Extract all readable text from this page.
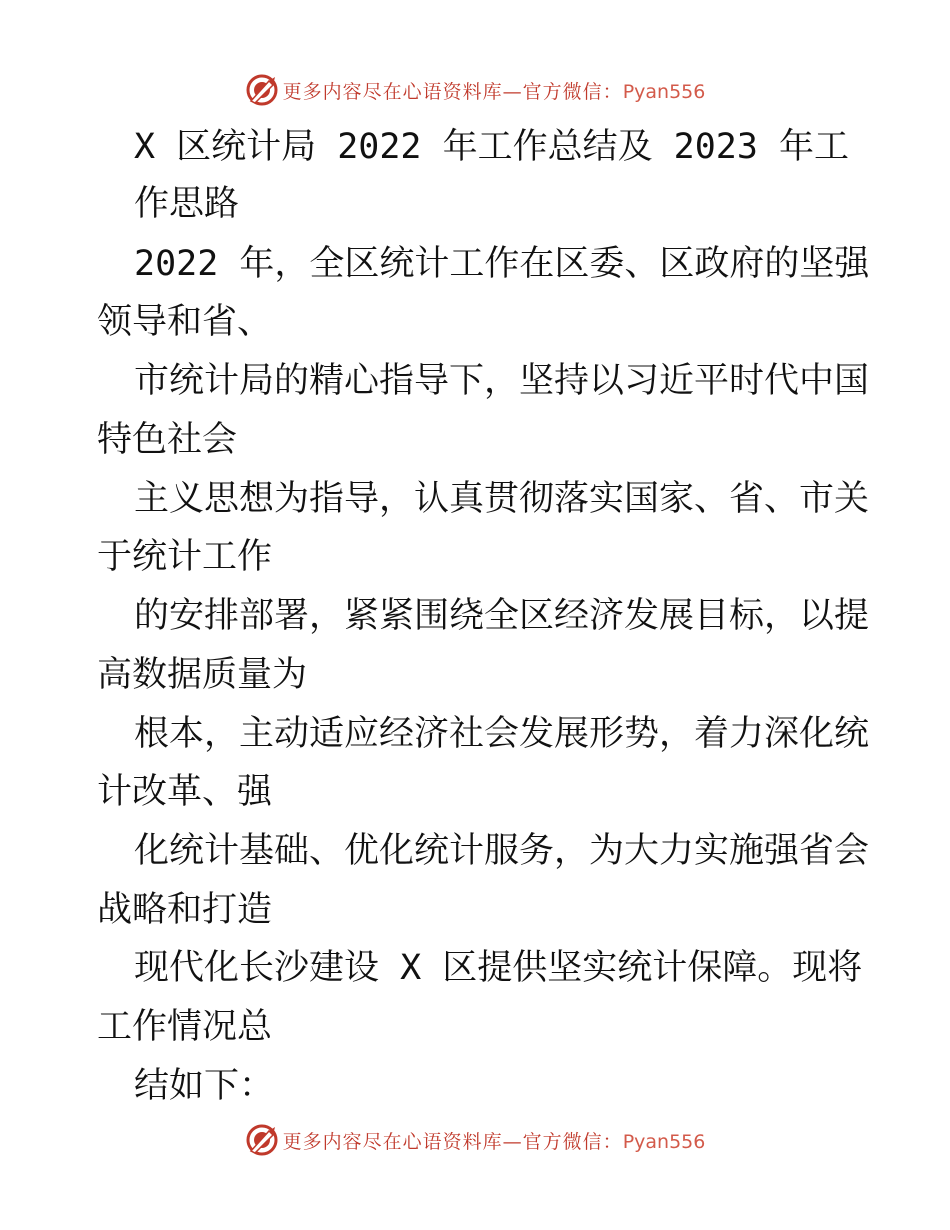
更多内容尽在心语资料库—官方微信：Pyan556
X 区统计局 2022 年工作总结及 2023 年工
作思路
2022 年，全区统计工作在区委、区政府的坚强
领导和省、
市统计局的精心指导下，坚持以习近平时代中国
特色社会
主义思想为指导，认真贯彻落实国家、省、市关
于统计工作
的安排部署，紧紧围绕全区经济发展目标，以提
高数据质量为
根本，主动适应经济社会发展形势，着力深化统
计改革、强
化统计基础、优化统计服务，为大力实施强省会
战略和打造
现代化长沙建设 X 区提供坚实统计保障。现将
工作情况总
结如下：
更多内容尽在心语资料库—官方微信：Pyan556
